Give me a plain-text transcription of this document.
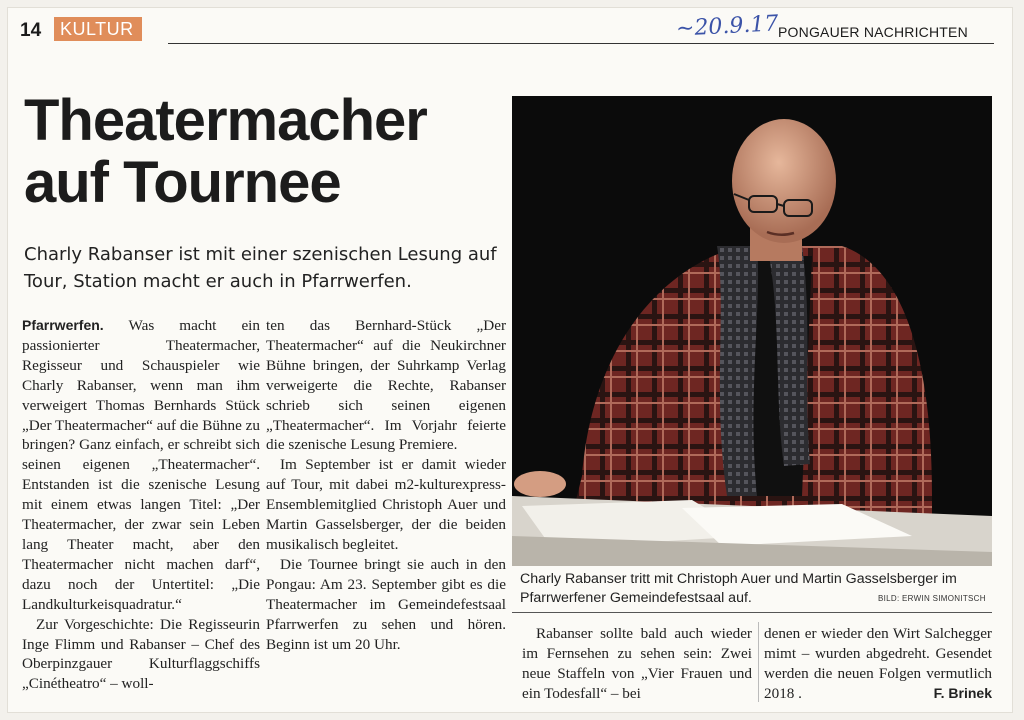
14	KULTUR	~20.9.17 PONGAUER NACHRICHTEN
Theatermacher
auf Tournee
Charly Rabanser ist mit einer szenischen Lesung auf Tour, Station macht er auch in Pfarrwerfen.

Pfarrwerfen. Was macht ein passionierter Theatermacher, Regisseur und Schauspieler wie Charly Rabanser, wenn man ihm verweigert Thomas Bernhards Stück „Der Theatermacher“ auf die Bühne zu bringen? Ganz einfach, er schreibt sich seinen eigenen „Theatermacher“. Entstanden ist die szenische Lesung mit einem etwas langen Titel: „Der Theatermacher, der zwar sein Leben lang Theater macht, aber den Theatermacher nicht machen darf“, dazu noch der Untertitel: „Die Landkulturkeisquadratur.“

Zur Vorgeschichte: Die Regisseurin Inge Flimm und Rabanser – Chef des Oberpinzgauer Kulturflaggschiffs „Cinétheatro“ – woll-

ten das Bernhard-Stück „Der Theatermacher“ auf die Neukirchner Bühne bringen, der Suhrkamp Verlag verweigerte die Rechte, Rabanser schrieb sich seinen eigenen „Theatermacher“. Im Vorjahr feierte die szenische Lesung Premiere.

Im September ist er damit wieder auf Tour, mit dabei m2-kulturexpress-Ensemblemitglied Christoph Auer und Martin Gasselsberger, der die beiden musikalisch begleitet.

Die Tournee bringt sie auch in den Pongau: Am 23. September gibt es die Theatermacher im Gemeindefestsaal Pfarrwerfen zu sehen und hören. Beginn ist um 20 Uhr.

Charly Rabanser tritt mit Christoph Auer und Martin Gasselsberger im Pfarrwerfener Gemeindefestsaal auf.	BILD: ERWIN SIMONITSCH

Rabanser sollte bald auch wieder im Fernsehen zu sehen sein: Zwei neue Staffeln von „Vier Frauen und ein Todesfall“ – bei

denen er wieder den Wirt Salchegger mimt – wurden abgedreht. Gesendet werden die neuen Folgen vermutlich 2018 .	F. Brinek
